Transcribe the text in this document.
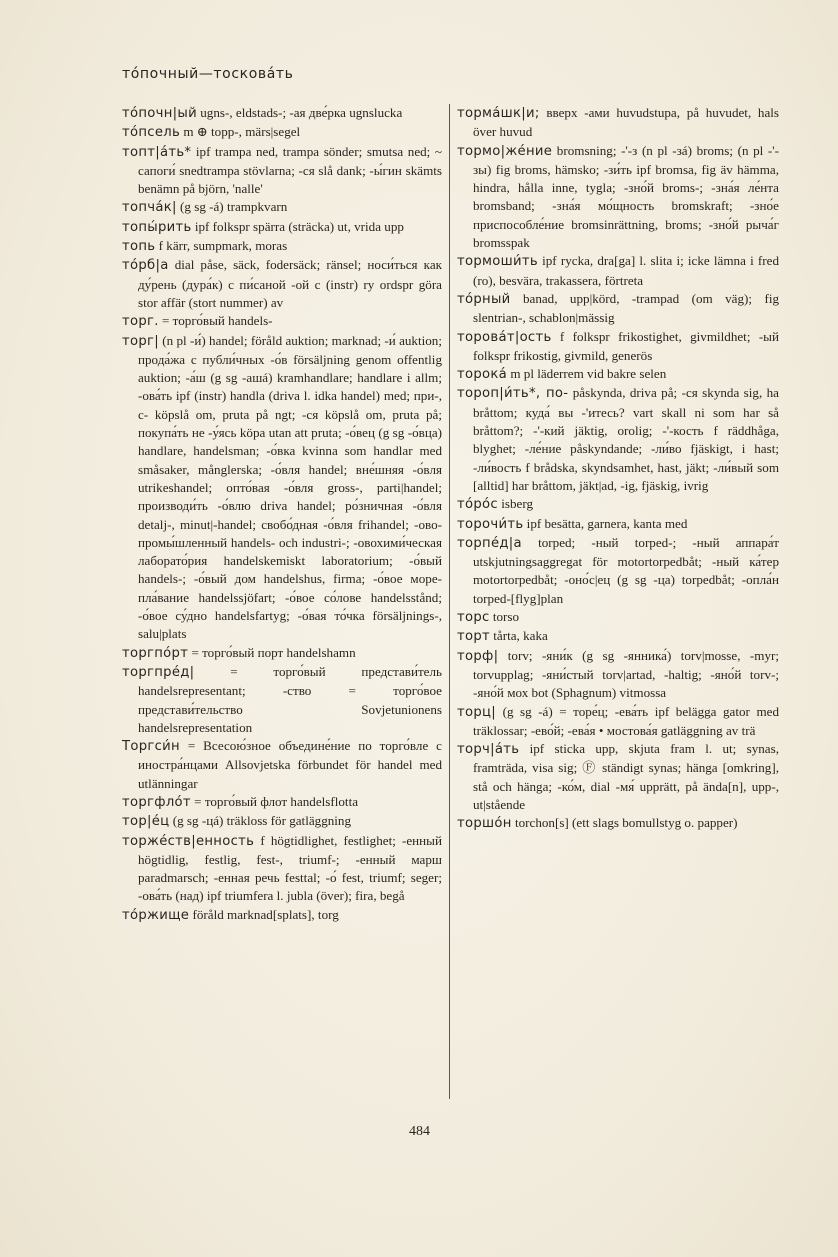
то́почный—тоскова́ть

то́почн|ый ugns-, eldstads-; -ая две́рка ugnslucka

то́псель m ⊕ topp-, märs|segel

топт|а́ть* ipf trampa ned, trampa sönder; smutsa ned; ~ сапоги́ snedtrampa stövlarna; -ся slå dank; -ы́гин skämts benämn på björn, 'nalle'

топча́к| (g sg -á) trampkvarn

топы́рить ipf folkspr spärra (sträcka) ut, vrida upp

топь f kärr, sumpmark, moras

то́рб|а dial påse, säck, fodersäck; ränsel; носи́ться как ду́рень (дура́к) с пи́саной -ой с (instr) ry ordspr göra stor affär (stort nummer) av

торг. = торго́вый handels-

торг| (n pl -и́) handel; föråld auktion; marknad; -и́ auktion; прода́жа с публи́чных -о́в försäljning genom offentlig auktion; -а́ш (g sg -ашá) kramhandlare; handlare i allm; -ова́ть ipf (instr) handla (driva l. idka handel) med; при-, с- köpslå om, pruta på ngt; -ся köpslå om, pruta på; покупа́ть не -у́ясь köpa utan att pruta; -о́вец (g sg -о́вца) handlare, handelsman; -о́вка kvinna som handlar med småsaker, månglerska; -о́вля handel; вне́шняя -о́вля utrikeshandel; опто́вая -о́вля gross-, parti|handel; производи́ть -о́влю driva handel; ро́зничная -о́вля detalj-, minut|-handel; свобо́дная -о́вля frihandel; -ово-промы́шленный handels- och industri-; -овохими́ческая лаборато́рия handelskemiskt laboratorium; -о́вый handels-; -о́вый дом handelshus, firma; -о́вое море-пла́вание handelssjöfart; -о́вое со́лове handelsstånd; -о́вое су́дно handelsfartyg; -о́вая то́чка försäljnings-, salu|plats

торгпо́рт = торго́вый порт handelshamn

торгпре́д| = торго́вый представи́тель handelsrepresentant; -ство = торго́вое представи́тельство Sovjetunionens handelsrepresentation

Торгси́н = Всесою́зное объедине́ние по торго́вле с иностра́нцами Allsovjetska förbundet för handel med utlänningar

торгфло́т = торго́вый флот handelsflotta

тор|е́ц (g sg -цá) träkloss för gatläggning

торже́ств|енность f högtidlighet, festlighet; -енный högtidlig, festlig, fest-, triumf-; -енный марш paradmarsch; -енная речь festtal; -о́ fest, triumf; seger; -ова́ть (над) ipf triumfera l. jubla (över); fira, begå

то́ржище föråld marknad[splats], torg

торма́шк|и; вверх -ами huvudstupa, på huvudet, hals över huvud

тормо|же́ние bromsning; -'-з (n pl -зá) broms; (n pl -'-зы) fig broms, hämsko; -зи́ть ipf bromsa, fig äv hämma, hindra, hålla inne, tygla; -зно́й broms-; -зна́я ле́нта bromsband; -зна́я мо́щность bromskraft; -зно́е приспособле́ние bromsinrättning, broms; -зно́й рыча́г bromsspak

тормоши́ть ipf rycka, dra[ga] l. slita i; icke lämna i fred (ro), besvära, trakassera, förtreta

то́рный banad, upp|körd, -trampad (om väg); fig slentrian-, schablon|mässig

торова́т|ость f folkspr frikostighet, givmildhet; -ый folkspr frikostig, givmild, generös

торока́ m pl läderrem vid bakre selen

тороп|и́ть*, по- påskynda, driva på; -ся skynda sig, ha brått​om; куда́ вы -'итесь? vart skall ni som har så bråttom?; -'-кий jäktig, orolig; -'-кость f räddhåga, blyghet; -ле́ние påskyndande; -ли́во fjäskigt, i hast; -ли́вость f brådska, skyndsamhet, hast, jäkt; -ли́вый som [alltid] har bråttom, jäkt|ad, -ig, fjäskig, ivrig

то́ро́с isberg

торочи́ть ipf besätta, garnera, kanta med

торпе́д|а torped; -ный torped-; -ный аппара́т utskjutningsaggregat för motortorpedbåt; -ный ка́тер motortorpedbåt; -оно́с|ец (g sg -ца) torpedbåt; -опла́н torped-[flyg]plan

торс torso

торт tårta, kaka

торф| torv; -яни́к (g sg -янника́) torv|mosse, -myr; torvupplag; -яни́стый torv|artad, -haltig; -яно́й torv-; -яно́й мох bot (Sphagnum) vitmossa

торц| (g sg -á) = торе́ц; -ева́ть ipf belägga gator med träklossar; -ево́й; -ева́я • мостова́я gatläggning av trä

торч|а́ть ipf sticka upp, skjuta fram l. ut; synas, framträda, visa sig; Ⓕ ständigt synas; hänga [omkring], stå och hänga; -ко́м, dial -мя́ upprätt, på ända[n], upp-, ut|stående

торшо́н torchon[s] (ett slags bomullstyg o. papper)

484
